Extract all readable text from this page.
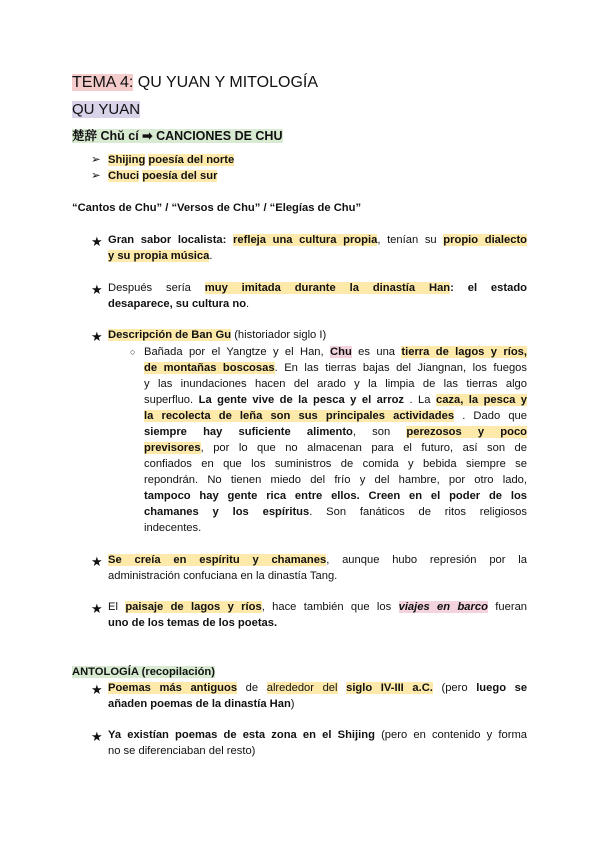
TEMA 4: QU YUAN Y MITOLOGÍA
QU YUAN
楚辞 Chǔ cí ➡ CANCIONES DE CHU
➢ Shijing poesía del norte
➢ Chuci poesía del sur
“Cantos de Chu” / “Versos de Chu” / “Elegías de Chu”
★ Gran sabor localista: refleja una cultura propia, tenían su propio dialecto
y su propia música.
★ Después sería muy imitada durante la dinastía Han: el estado
desaparece, su cultura no.
★ Descripción de Ban Gu (historiador siglo I)
○ Bañada por el Yangtze y el Han, Chu es una tierra de lagos y ríos,
de montañas boscosas. En las tierras bajas del Jiangnan, los fuegos
y las inundaciones hacen del arado y la limpia de las tierras algo
superfluo. La gente vive de la pesca y el arroz . La caza, la pesca y
la recolecta de leña son sus principales actividades . Dado que
siempre hay suficiente alimento, son perezosos y poco
previsores, por lo que no almacenan para el futuro, así son de
confiados en que los suministros de comida y bebida siempre se
repondrán. No tienen miedo del frío y del hambre, por otro lado,
tampoco hay gente rica entre ellos. Creen en el poder de los
chamanes y los espíritus. Son fanáticos de ritos religiosos
indecentes.
★ Se creía en espíritu y chamanes, aunque hubo represión por la
administración confuciana en la dinastía Tang.
★ El paisaje de lagos y ríos, hace también que los viajes en barco fueran
uno de los temas de los poetas.
ANTOLOGÍA (recopilación)
★ Poemas más antiguos de alrededor del siglo IV-III a.C. (pero luego se
añaden poemas de la dinastía Han)
★ Ya existían poemas de esta zona en el Shijing (pero en contenido y forma
no se diferenciaban del resto)
